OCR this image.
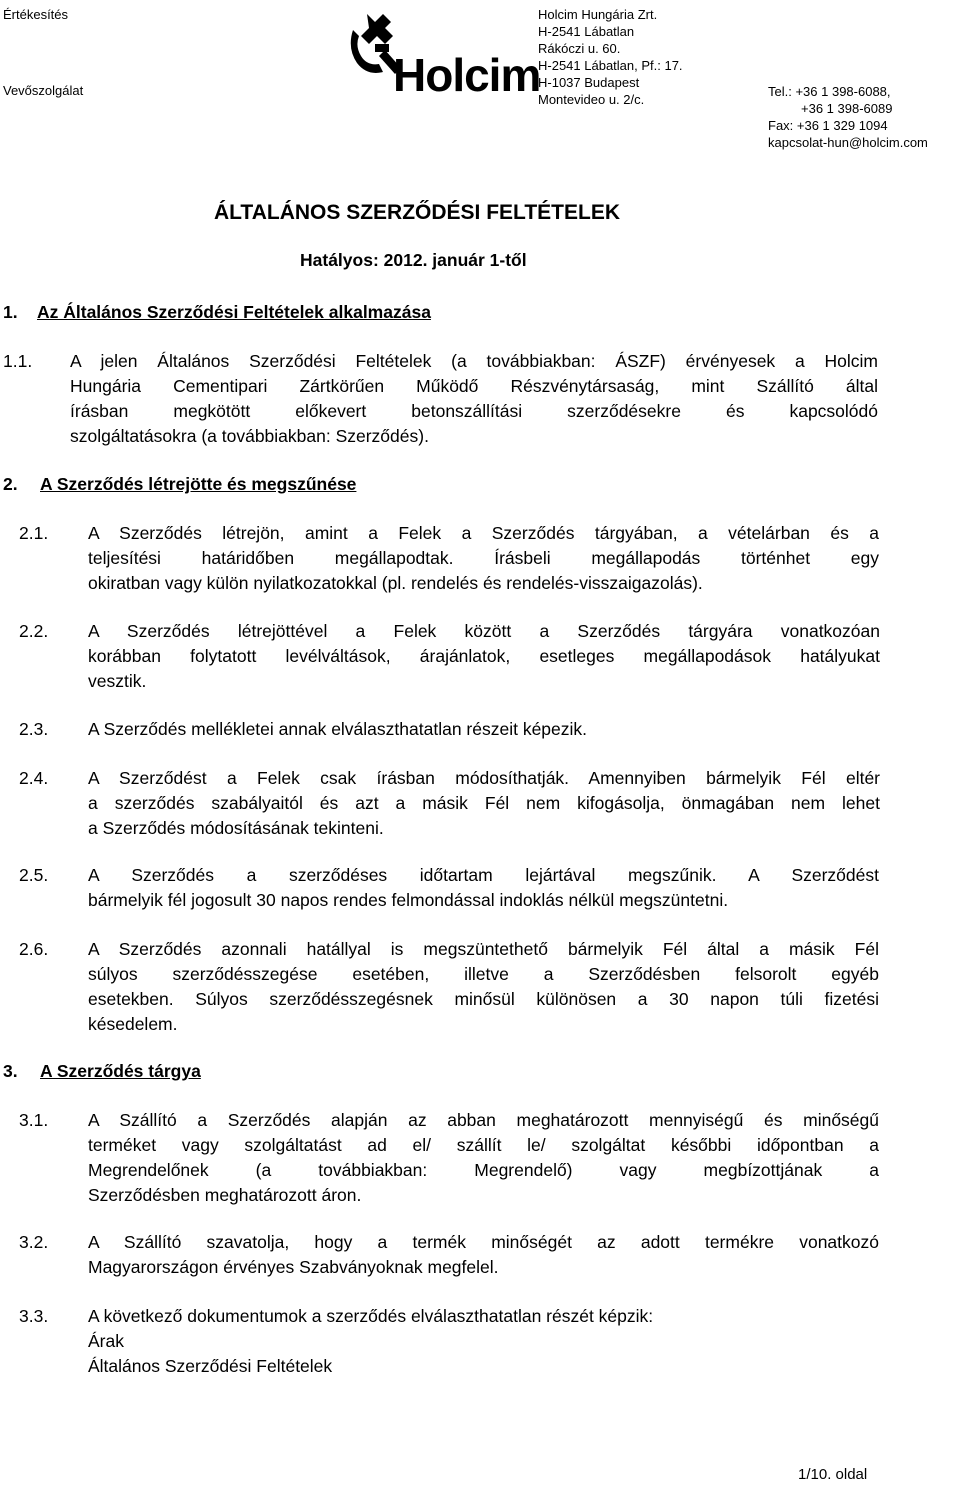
Értékesítés
Vevőszolgálat	Holcim
Holcim Hungária Zrt.
H-2541 Lábatlan
Rákóczi u. 60.
H-2541 Lábatlan, Pf.: 17.
H-1037 Budapest
Montevideo u. 2/c.
Tel.: +36 1 398-6088,
+36 1 398-6089
Fax: +36 1 329 1094
kapcsolat-hun@holcim.com
ÁLTALÁNOS SZERZŐDÉSI FELTÉTELEK
Hatályos: 2012. január 1-től
1. Az Általános Szerződési Feltételek alkalmazása
1.1. A jelen Általános Szerződési Feltételek (a továbbiakban: ÁSZF) érvényesek a Holcim
Hungária Cementipari Zártkörűen Működő Részvénytársaság, mint Szállító által
írásban megkötött előkevert betonszállítási szerződésekre és kapcsolódó
szolgáltatásokra (a továbbiakban: Szerződés).
2. A Szerződés létrejötte és megszűnése
2.1. A Szerződés létrejön, amint a Felek a Szerződés tárgyában, a vételárban és a
teljesítési határidőben megállapodtak. Írásbeli megállapodás történhet egy
okiratban vagy külön nyilatkozatokkal (pl. rendelés és rendelés-visszaigazolás).
2.2. A Szerződés létrejöttével a Felek között a Szerződés tárgyára vonatkozóan
korábban folytatott levélváltások, árajánlatok, esetleges megállapodások hatályukat
vesztik.
2.3. A Szerződés mellékletei annak elválaszthatatlan részeit képezik.
2.4. A Szerződést a Felek csak írásban módosíthatják. Amennyiben bármelyik Fél eltér
a szerződés szabályaitól és azt a másik Fél nem kifogásolja, önmagában nem lehet
a Szerződés módosításának tekinteni.
2.5. A Szerződés a szerződéses időtartam lejártával megszűnik. A Szerződést
bármelyik fél jogosult 30 napos rendes felmondással indoklás nélkül megszüntetni.
2.6. A Szerződés azonnali hatállyal is megszüntethető bármelyik Fél által a másik Fél
súlyos szerződésszegése esetében, illetve a Szerződésben felsorolt egyéb
esetekben. Súlyos szerződésszegésnek minősül különösen a 30 napon túli fizetési
késedelem.
3. A Szerződés tárgya
3.1. A Szállító a Szerződés alapján az abban meghatározott mennyiségű és minőségű
terméket vagy szolgáltatást ad el/ szállít le/ szolgáltat későbbi időpontban a
Megrendelőnek (a továbbiakban: Megrendelő) vagy megbízottjának a
Szerződésben meghatározott áron.
3.2. A Szállító szavatolja, hogy a termék minőségét az adott termékre vonatkozó
Magyarországon érvényes Szabványoknak megfelel.
3.3. A következő dokumentumok a szerződés elválaszthatatlan részét képzik:
Árak
Általános Szerződési Feltételek
1/10. oldal
